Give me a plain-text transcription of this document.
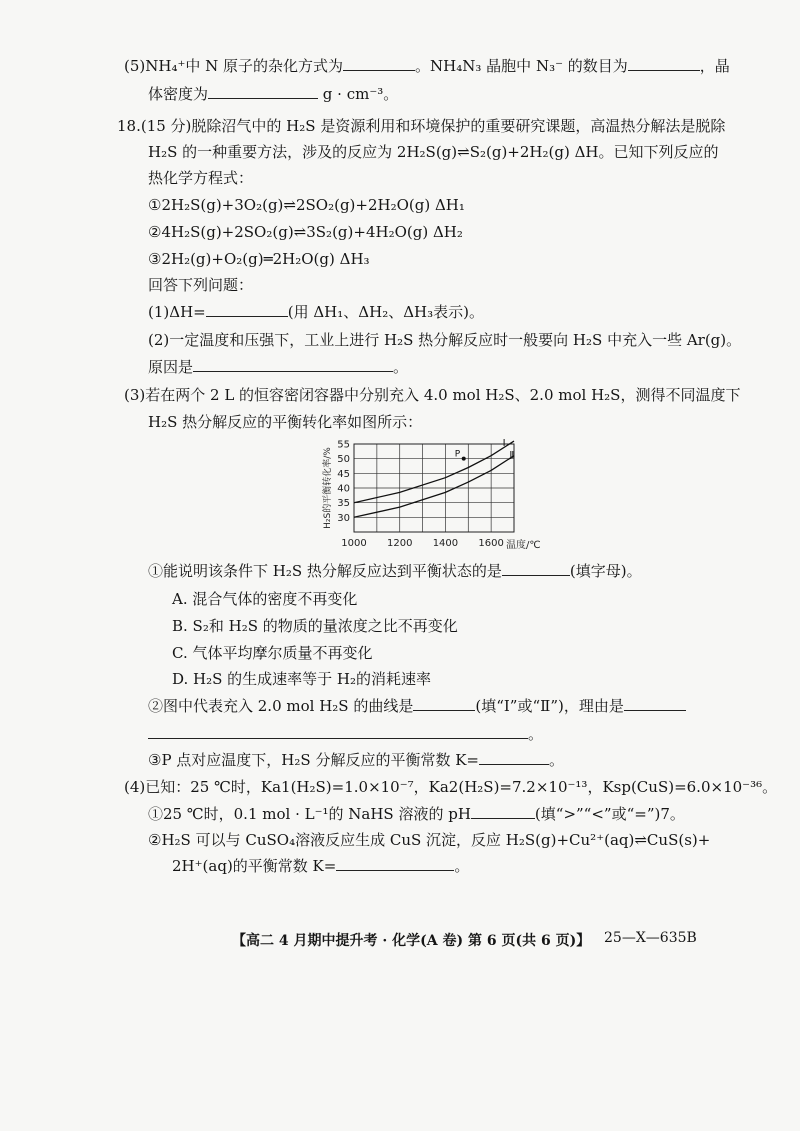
(5)NH₄⁺中 N 原子的杂化方式为	。NH₄N₃ 晶胞中 N₃⁻ 的数目为	，晶
体密度为	g · cm⁻³。
18.(15 分)脱除沼气中的 H₂S 是资源利用和环境保护的重要研究课题，高温热分解法是脱除
H₂S 的一种重要方法，涉及的反应为 2H₂S(g)⇌S₂(g)+2H₂(g) ΔH。已知下列反应的
热化学方程式：
①2H₂S(g)+3O₂(g)⇌2SO₂(g)+2H₂O(g) ΔH₁
②4H₂S(g)+2SO₂(g)⇌3S₂(g)+4H₂O(g) ΔH₂
③2H₂(g)+O₂(g)═2H₂O(g) ΔH₃
回答下列问题：
(1)ΔH=	(用 ΔH₁、ΔH₂、ΔH₃表示)。
(2)一定温度和压强下，工业上进行 H₂S 热分解反应时一般要向 H₂S 中充入一些 Ar(g)。
原因是	。
(3)若在两个 2 L 的恒容密闭容器中分别充入 4.0 mol H₂S、2.0 mol H₂S，测得不同温度下
H₂S 热分解反应的平衡转化率如图所示：
30
35
40
45
50
55
1000 1200 1400 1600
Ⅰ
Ⅱ
P
H₂S的平衡转化率/%
温度/℃
①能说明该条件下 H₂S 热分解反应达到平衡状态的是	(填字母)。
A. 混合气体的密度不再变化
B. S₂和 H₂S 的物质的量浓度之比不再变化
C. 气体平均摩尔质量不再变化
D. H₂S 的生成速率等于 H₂的消耗速率
②图中代表充入 2.0 mol H₂S 的曲线是	(填“Ⅰ”或“Ⅱ”)，理由是
。
③P 点对应温度下，H₂S 分解反应的平衡常数 K=	。
(4)已知：25 ℃时，Ka1(H₂S)=1.0×10⁻⁷，Ka2(H₂S)=7.2×10⁻¹³，Ksp(CuS)=6.0×10⁻³⁶。
①25 ℃时，0.1 mol · L⁻¹的 NaHS 溶液的 pH	(填“>”“<”或“=”)7。
②H₂S 可以与 CuSO₄溶液反应生成 CuS 沉淀，反应 H₂S(g)+Cu²⁺(aq)⇌CuS(s)+
2H⁺(aq)的平衡常数 K=	。
【高二 4 月期中提升考 · 化学(A 卷) 第 6 页(共 6 页)】 25—X—635B
